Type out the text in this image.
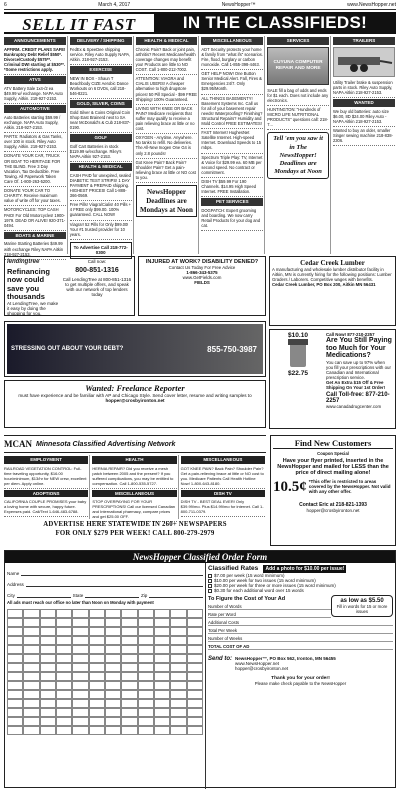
6	March 4, 2017	NewsHopper™	www.NewsHopper.net
SELL IT FAST	IN THE CLASSIFIEDS!
ANNOUNCEMENTS
AFFIRM. CREDIT PLANS SAFE! Bankruptcy Debt Relief $550*. Divorce/Custody $575**. Criminal DWI starting at $530**. *Some restrictions apply.
ATVS
ATV Battery Sale 1x4-/2 ea $49.99 w/ exchange. NAPA Auto Supply, Aitkin. 218-927-2153.
AUTOMOTIVE
Auto Batteries starting $59.99 / exchange. NAPA Auto Supply, Aitkin. 218-927-2153.
PARTS: Radiators & Gas Tanks, over 100 in stock. Riley Auto Supply, Aitkin. 218-927-2153.
DONATE YOUR CAR, TRUCK OR BOAT TO HERITAGE FOR THE BLIND. Free 3 Day Vacation, Tax Deductible. Free Towing. All Paperwork Taken Care Of. 1-800-263-5200.
DONATE YOUR CAR TO CHARITY. Receive maximum value of write off for your taxes.
MOTORCYCLES: TOP CASH PAID! For Old Motorcycles! 1900-1979. DEAD OR ALIVE! 920-371-0494.
BOATS & MARINE
Marine Starting Batteries $49.99 with exchange Riley NAPA Aitkin 218-927-2153.
DELIVERY / SHIPPING
FedEx & SpeeDee shipping service. Riley Auto Supply NAPA, Aitkin. 218-927-2153.
EXERCISE
NEW IN BOX - Shaun T Beachbody CIZE Aerobic Dance Workouts on 6 DVDs, call 218-546-8221.
GOLD, SILVER, COINS
Gold Silver & Coins Original Coin Shop East Brainerd next to SA near McDonald's & Cub 218-837-0190.
GOLF
Golf Cart Batteries in stock $119.99 w/exchange. Riley's NAPA Aitkin 927-2153.
HEALTH & MEDICAL
CASH PAID for unexpired, sealed DIABETIC TEST STRIPS! 1 DAY PAYMENT & PREPAID shipping. HIGHEST PRICES! Call 1-888-366-0569.
Free Pills! Viagra/Cialis! 40 Pills + 4 FREE only $99.00. 100% guaranteed. CALL NOW!
Viagra!! 52 Pills for Only $99.00! Your #1 trusted provider for 10 years.
To Advertise Call 218-772-0300
HEALTH & MEDICAL
Chronic Pain? Back or joint pain, arthritis? Recent Medicare/health coverage changes may benefit you! Products are little to NO COST. Call 1-800-212-7002.
ATTENTION: VIAGRA and CIALIS USERS! A cheaper alternative to high drugstore prices! 50 Pill Special - $99 FREE Shipping! 100% Guaranteed.
LIVING WITH KNEE OR BACK PAIN? Medicare recipients that suffer may qualify to receive a pain relieving brace at little or no cost.
OXYGEN - Anytime. Anywhere. No tanks to refill. No deliveries. The All-New Inogen One G4 is only 2.8 pounds!
Got Knee Pain? Back Pain? Shoulder Pain? Get a pain-relieving brace at little or NO cost to you.
NewsHopper Deadlines are Mondays at Noon
MISCELLANEOUS
ADT Security protects your home & family from "what ifs" scenarios. Fire, flood, burglary or carbon monoxide. Call 1-855-398-4463.
GET HELP NOW! One Button Senior Medical Alert. Fall, Fires & Emergencies 24/7. Only $29.95/Month.
ALL THINGS BASEMENTY! Basement Systems Inc. Call us for all of your basement repair needs! Waterproofing? Finishing? Structural Repairs? Humidity and Mold Control FREE ESTIMATES!
FAST Internet! HughesNet Satellite Internet. High-speed Internet. Download Speeds to 15 mbps.
Spectrum Triple Play: TV, Internet & Voice for $29.99 ea. 60 MB per second speed. No contract or commitment.
DISH TV $59.99 For 190 Channels. $14.95 High Speed Internet. FREE Installation.
PET SERVICES
DOGPATCH: Expert grooming and boarding. We now carry Retail Products for your dog and cat.
SERVICES
CUYUNA COMPUTER REPAIR AND MORE
SALE fill a bag of odds and ends for $1 each. Does not include any electronics.
HUNTINGTON: "Hundreds of MICRO LIFE NUTRITIONAL PRODUCTS" questions call: 218-7...
Tell 'em you saw it in The NewsHopper! Deadlines are Mondays at Noon
TRAILERS
Utility Trailer brake & suspension parts in stock. Riley Auto Supply, NAPA Aitkin 218-927-2153.
WANTED
We buy old batteries: auto size $6.00, 8D $24.00 Riley Auto - NAPA Aitkin 218-927-2153.
Wanted to buy an older, smaller Singer sewing machine 218-838-2306.
lendingtree
Refinancing now could save you thousands
At LendingTree, we make it easy by doing the shopping for you.
Call now:
800-851-1316
Call LendingTree at 800-851-1316 to get multiple offers, and speak with our network of top lenders today
INJURED AT WORK? DISABILITY DENIED?
Contact Us Today For Free Advice
1-866-343-5375
www.GetFields.com
FIELDS
STRESSING OUT ABOUT YOUR DEBT?	855-750-3987
Wanted: Freelance Reporter
must have experience and be familiar with AP and Chicago Style. Send cover letter, resume and writing samples to
hopper@crosbyironton.net
Cedar Creek Lumber
A manufacturing and wholesale lumber distributor facility in Aitkin, MN is currently hiring for the following positions: Lumber Graders / Laborers. Competitive wages with benefits.
Cedar Creek Lumber, PO Box 200, Aitkin MN 56431
$10.10
$22.75
Call Now! 877-210-2257
Are You Still Paying too Much for Your Medications?
You can save up to 97% when you fill your prescriptions with our Canadian and International prescription service.
Get An Extra $15 Off & Free Shipping On Your 1st Order!
Call Toll-free: 877-210-2257
www.canadadrugcenter.com
MCAN Minnesota Classified Advertising Network
EMPLOYMENT
RAILROAD VEGETATION CONTROL: Full-time traveling opportunity, $16.00 hour/minimum, $13/hr for NEW crew, excellent per diem. Apply online.
ADOPTIONS
CALIFORNIA COUPLE PROMISES your baby a loving home with secure, happy future. Expenses paid. Call/Text 1-646-483-6788.
HEALTH
HERNIA REPAIR? Did you receive a mesh patch between 2005 and the present? If you suffered complications, you may be entitled to compensation. Call 1-800-535-5727.
MISCELLANEOUS
STOP OVERPAYING FOR YOUR PRESCRIPTIONS! Call our licensed Canadian and International pharmacy, compare prices and get $25.00 OFF.
MISCELLANEOUS
GOT KNEE PAIN? Back Pain? Shoulder Pain? Get a pain-relieving brace at little or NO cost to you. Medicare Patients Call Health Hotline Now! 1-800-643-8180.
DISH TV
DISH TV - BEST DEAL EVER! Only $39.99/mo. Plus $14.99/mo for internet. Call 1-800-711-0379.
ADVERTISE HERE STATEWIDE IN 260+ NEWSPAPERS
FOR ONLY $279 PER WEEK! CALL 800-279-2979
Find New Customers
Coupon Special
Have your flyer printed, inserted in the NewsHopper and mailed for LESS than the price of direct mailing alone!
10.5¢ *This offer is restricted to areas covered by the NewsHopper. Not valid with any other offer.
Contact Eric at 218-821-1393
hopper@crosbyironton.net
NewsHopper Classified Order Form
Name
Address
City	State	Zip
All ads must reach our office no later than Noon on Monday with payment
Classified Rates Add a photo for $10.00 per issue!
$7.00 per week (15 word minimum)
$10.00 per week for two issues (15 word minimum)
$20.00 per week for three or more issues (15 word minimum)
$0.30 for each additional word over 15 words
as low as $5.50
Fill in words for 15 or more issues
To Figure the Cost of Your Ad
Number of Words
Rate per Word
Additional Costs
Total Per Week
Number of Weeks
TOTAL COST OF AD
Send to: NewsHopper™, PO Box 562, Ironton, MN 56455
www.NewsHopper.net
hopper@crosbyironton.net
Thank you for your order!
Please make check payable to the NewsHopper
